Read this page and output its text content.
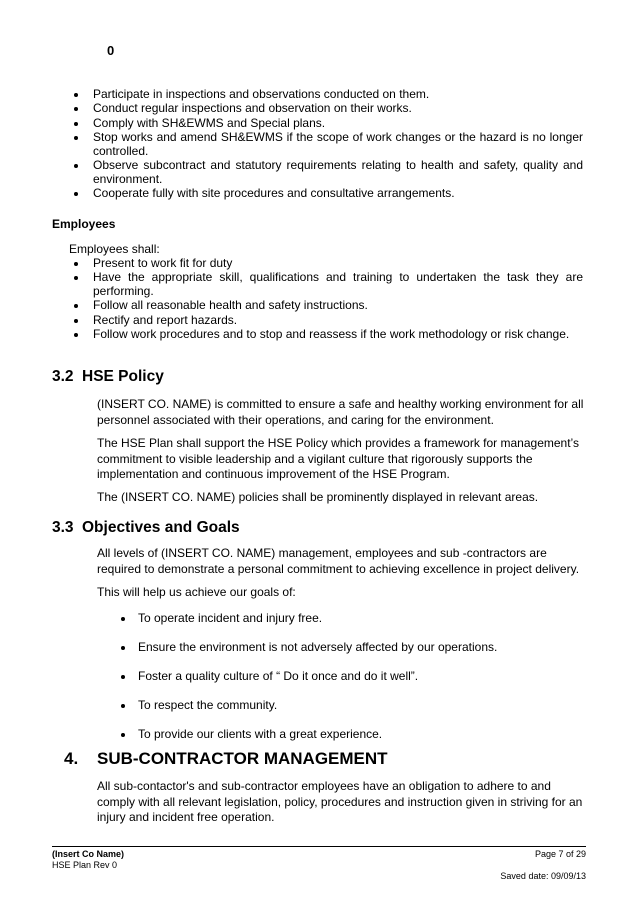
0
Participate in inspections and observations conducted on them.
Conduct regular inspections and observation on their works.
Comply with SH&EWMS and Special plans.
Stop works and amend SH&EWMS if the scope of work changes or the hazard is no longer controlled.
Observe subcontract and statutory requirements relating to health and safety, quality and environment.
Cooperate fully with site procedures and consultative arrangements.
Employees
Employees shall:
Present to work fit for duty
Have the appropriate skill, qualifications and training to undertaken the task they are performing.
Follow all reasonable health and safety instructions.
Rectify and report hazards.
Follow work procedures and to stop and reassess if the work methodology or risk change.
3.2 HSE Policy

(INSERT CO. NAME) is committed to ensure a safe and healthy working environment for all personnel associated with their operations, and caring for the environment.

The HSE Plan shall support the HSE Policy which provides a framework for management’s commitment to visible leadership and a vigilant culture that rigorously supports the implementation and continuous improvement of the HSE Program.

The (INSERT CO. NAME) policies shall be prominently displayed in relevant areas.

3.3 Objectives and Goals

All levels of (INSERT CO. NAME) management, employees and sub -contractors are required to demonstrate a personal commitment to achieving excellence in project delivery.

This will help us achieve our goals of:

To operate incident and injury free.
Ensure the environment is not adversely affected by our operations.
Foster a quality culture of “ Do it once and do it well”.
To respect the community.
To provide our clients with a great experience.
4. SUB-CONTRACTOR MANAGEMENT

All sub-contactor's and sub-contractor employees have an obligation to adhere to and comply with all relevant legislation, policy, procedures and instruction given in striving for an injury and incident free operation.

(Insert Co Name)
HSE Plan Rev 0
Page 7 of 29
Saved date: 09/09/13
